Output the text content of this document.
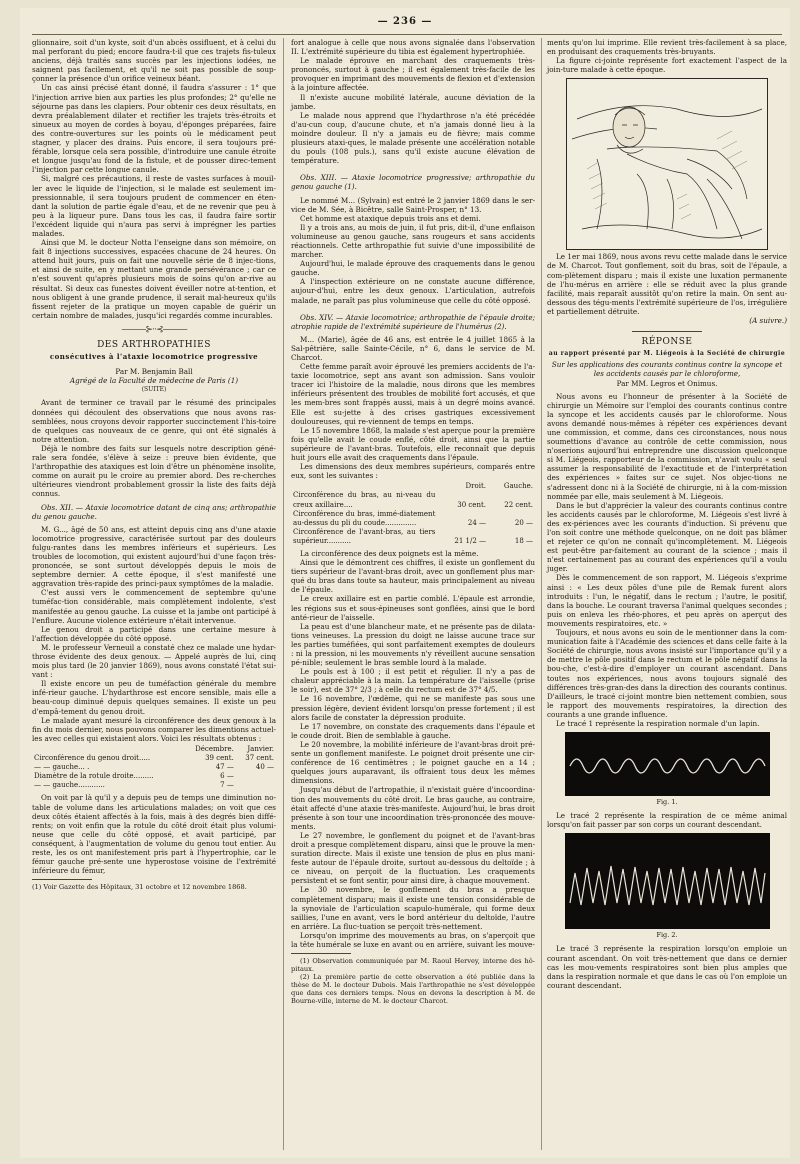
— 236 —

glionnaire, soit d'un kyste, soit d'un abcès ossifluent, et à celui du mal perforant du pied; encore faudra-t-il que ces trajets fis-tuleux anciens, déjà traités sans succès par les injections iodées, ne saignent pas facilement, et qu'il ne soit pas possible de soup-çonner la présence d'un orifice veineux béant.

Un cas ainsi précisé étant donné, il faudra s'assurer : 1° que l'injection arrive bien aux parties les plus profondes; 2° qu'elle ne séjourne pas dans les clapiers. Pour obtenir ces deux résultats, en devra préalablement dilater et rectifier les trajets très-étroits et sinueux au moyen de cordes à boyau, d'éponges préparées, faire des contre-ouvertures sur les points où le médicament peut stagner, y placer des drains. Puis encore, il sera toujours pré-férable, lorsque cela sera possible, d'introduire une canule étroite et longue jusqu'au fond de la fistule, et de pousser direc-tement l'injection par cette longue canule.

Si, malgré ces précautions, il reste de vastes surfaces à mouil-ler avec le liquide de l'injection, si le malade est seulement im-pressionnable, il sera toujours prudent de commencer en éten-dant la solution de partie égale d'eau, et de ne revenir que peu à peu à la liqueur pure. Dans tous les cas, il faudra faire sortir l'excédent liquide qui n'aura pas servi à imprégner les parties malades.

Ainsi que M. le docteur Notta l'enseigne dans son mémoire, on fait 8 injections successives, espacées chacune de 24 heures. On attend huit jours, puis on fait une nouvelle série de 8 injec-tions, et ainsi de suite, en y mettant une grande persévérance ; car ce n'est souvent qu'après plusieurs mois de soins qu'on ar-rive au résultat. Si deux cas funestes doivent éveiller notre at-tention, et nous obligent à une grande prudence, il serait mal-heureux qu'ils fissent rejeter de la pratique un moyen capable de guérir un certain nombre de malades, jusqu'ici regardés comme incurables.

———⊱⋅⋅⊰———
DES ARTHROPATHIES
consécutives à l'ataxie locomotrice progressive

Par M. Benjamin Ball

Agrégé de la Faculté de médecine de Paris (1)

(SUITE)

Avant de terminer ce travail par le résumé des principales données qui découlent des observations que nous avons ras-semblées, nous croyons devoir rapporter succinctement l'his-toire de quelques cas nouveaux de ce genre, qui ont été signalés à notre attention.

Déjà le nombre des faits sur lesquels notre description géné-rale sera fondée, s'élève à seize : preuve bien évidente, que l'arthropathie des ataxiques est loin d'être un phénomène insolite, comme on aurait pu le croire au premier abord. Des re-cherches ultérieures viendront probablement grossir la liste des faits déjà connus.

Obs. XII. — Ataxie locomotrice datant de cinq ans; arthropathie du genou gauche.

M. G..., âgé de 50 ans, est atteint depuis cinq ans d'une ataxie locomotrice progressive, caractérisée surtout par des douleurs fulgu-rantes dans les membres inférieurs et supérieurs. Les troubles de locomotion, qui existent aujourd'hui d'une façon très-prononcée, se sont surtout développés depuis le mois de septembre dernier. A cette époque, il s'est manifesté une aggravation très-rapide des princi-paux symptômes de la maladie.

C'est aussi vers le commencement de septembre qu'une tuméfac-tion considérable, mais complètement indolente, s'est manifestée au genou gauche. La cuisse et la jambe ont participé à l'enflure. Aucune violence extérieure n'était intervenue.

Le genou droit a participé dans une certaine mesure à l'affection développée du côté opposé.

M. le professeur Verneuil a constaté chez ce malade une hydar-throse évidente des deux genoux. — Appelé auprès de lui, cinq mois plus tard (le 20 janvier 1869), nous avons constaté l'état sui-vant :

Il existe encore un peu de tuméfaction générale du membre infé-rieur gauche. L'hydarthrose est encore sensible, mais elle a beau-coup diminué depuis quelques semaines. Il existe un peu d'empâ-tement du genou droit.

Le malade ayant mesuré la circonférence des deux genoux à la fin du mois dernier, nous pouvons comparer les dimentions actuel-les avec celles qui existaient alors. Voici les résultats obtenus :

	Décembre.	Janvier.
Circonférence du genou droit.....	39 cent.	37 cent.
— — gauche... .	47 —	40 —
Diamètre de la rotule droite.........	6 —	
— — gauche............	7 —	

On voit par là qu'il y a depuis peu de temps une diminution no-table de volume dans les articulations malades; on voit que ces deux côtés étaient affectés à la fois, mais à des degrés bien diffé-rents; on voit enfin que la rotule du côté droit était plus volumi-neuse que celle du côté opposé, et avait participé, par conséquent, à l'augmentation de volume du genou tout entier. Au reste, les os ont manifestement pris part à l'hypertrophie, car le fémur gauche pré-sente une hyperostose voisine de l'extrémité inférieure du fémur,

(1) Voir Gazette des Hôpitaux, 31 octobre et 12 novembre 1868.

fort analogue à celle que nous avons signalée dans l'observation II. L'extrémité supérieure du tibia est également hypertrophiée.

Le malade éprouve en marchant des craquements très-prononcés, surtout à gauche ; il est également très-facile de les provoquer en imprimant des mouvements de flexion et d'extension à la jointure affectée.

Il n'existe aucune mobilité latérale, aucune déviation de la jambe.

Le malade nous apprend que l'hydarthrose n'a été précédée d'au-cun coup, d'aucune chute, et n'a jamais donné lieu à la moindre douleur. Il n'y a jamais eu de fièvre; mais comme plusieurs ataxi-ques, le malade présente une accélération notable du pouls (108 puls.), sans qu'il existe aucune élévation de température.

Obs. XIII. — Ataxie locomotrice progressive; arthropathie du genou gauche (1).

Le nommé M... (Sylvain) est entré le 2 janvier 1869 dans le ser-vice de M. Sée, à Bicêtre, salle Saint-Prosper, n° 13.

Cet homme est ataxique depuis trois ans et demi.

Il y a trois ans, au mois de juin, il fut pris, dit-il, d'une enflaison volumineuse au genou gauche, sans rougeurs et sans accidents réactionnels. Cette arthropathie fut suivie d'une impossibilité de marcher.

Aujourd'hui, le malade éprouve des craquements dans le genou gauche.

A l'inspection extérieure on ne constate aucune différence, aujour-d'hui, entre les deux genoux. L'articulation, autrefois malade, ne paraît pas plus volumineuse que celle du côté opposé.

Obs. XIV. — Ataxie locomotrice; arthropathie de l'épaule droite; atrophie rapide de l'extrémité supérieure de l'humérus (2).

M... (Marie), âgée de 46 ans, est entrée le 4 juillet 1865 à la Sal-pêtrière, salle Sainte-Cécile, n° 6, dans le service de M. Charcot.

Cette femme paraît avoir éprouvé les premiers accidents de l'a-taxie locomotrice, sept ans avant son admission. Sans vouloir tracer ici l'histoire de la maladie, nous dirons que les membres inférieurs présentent des troubles de mobilité fort accusés, et que les mem-bres sont frappés aussi, mais à un degré moins avancé. Elle est su-jette à des crises gastriques excessivement douloureuses, qui re-viennent de temps en temps.

Le 15 novembre 1868, la malade s'est aperçue pour la première fois qu'elle avait le coude enflé, côté droit, ainsi que la partie supérieure de l'avant-bras. Toutefois, elle reconnaît que depuis huit jours elle avait des craquements dans l'épaule.

Les dimensions des deux membres supérieurs, comparés entre eux, sont les suivantes :

	Droit.	Gauche.
Circonférence du bras, au ni-veau du creux axillaire....	30 cent.	22 cent.
Circonférence du bras, immé-diatement au-dessus du pli du coude..............	24 —	20 —
Circonférence de l'avant-bras, au tiers supérieur...........	21 1/2 —	18 —

La circonférence des deux poignets est la même.

Ainsi que le démontrent ces chiffres, il existe un gonflement du tiers supérieur de l'avant-bras droit, avec un gonflement plus mar-qué du bras dans toute sa hauteur, mais principalement au niveau de l'épaule.

Le creux axillaire est en partie comblé. L'épaule est arrondie, les régions sus et sous-épineuses sont gonflées, ainsi que le bord anté-rieur de l'aisselle.

La peau est d'une blancheur mate, et ne présente pas de dilata-tions veineuses. La pression du doigt ne laisse aucune trace sur les parties tuméfiées, qui sont parfaitement exemptes de douleurs : ni la pression, ni les mouvements n'y réveillent aucune sensation pé-nible; seulement le bras semble lourd à la malade.

Le pouls est à 100 ; il est petit et régulier. Il n'y a pas de chaleur appréciable à la main. La température de l'aisselle (prise le soir), est de 37° 2/3 ; à celle du rectum est de 37° 4/5.

Le 16 novembre, l'œdème, qui ne se manifeste pas sous une pression légère, devient évident lorsqu'on presse fortement ; il est alors facile de constater la dépression produite.

Le 17 novembre, on constate des craquements dans l'épaule et le coude droit. Bien de semblable à gauche.

Le 20 novembre, la mobilité inférieure de l'avant-bras droit pré-sente un gonflement manifeste. Le poignet droit présente une cir-conférence de 16 centimètres ; le poignet gauche en a 14 ; quelques jours auparavant, ils offraient tous deux les mêmes dimensions.

Jusqu'au début de l'artropathie, il n'existait guère d'incoordina-tion des mouvements du côté droit. Le bras gauche, au contraire, était affecté d'une ataxie très-manifeste. Aujourd'hui, le bras droit présente à son tour une incoordination très-prononcée des mouve-ments.

Le 27 novembre, le gonflement du poignet et de l'avant-bras droit a presque complètement disparu, ainsi que le prouve la men-suration directe. Mais il existe une tension de plus en plus mani-feste autour de l'épaule droite, surtout au-dessous du deltoïde ; à ce niveau, on perçoit de la fluctuation. Les craquements persistent et se font sentir, pour ainsi dire, à chaque mouvement.

Le 30 novembre, le gonflement du bras a presque complètement disparu; mais il existe une tension considérable de la synoviale de l'articulation scapulo-humérale, qui forme deux saillies, l'une en avant, vers le bord antérieur du deltoïde, l'autre en arrière. La fluc-tuation se perçoit très-nettement.

Lorsqu'on imprime des mouvements au bras, on s'aperçoit que la tête humérale se luxe en avant ou en arrière, suivant les mouve-

(1) Observation communiquée par M. Raoul Hervey, interne des hô-pitaux.

(2) La première partie de cette observation a été publiée dans la thèse de M. le docteur Dubois. Mais l'arthropathie ne s'est développée que dans ces derniers temps. Nous en devons la description à M. de Bourne-ville, interne de M. le docteur Charcot.

ments qu'on lui imprime. Elle revient très-facilement à sa place, en produisant des craquements très-bruyants.

La figure ci-jointe représente fort exactement l'aspect de la join-ture malade à cette époque.

Le 1er mai 1869, nous avons revu cette malade dans le service de M. Charcot. Tout gonflement, soit du bras, soit de l'épaule, a com-plètement disparu ; mais il existe une luxation permanente de l'hu-mérus en arrière : elle se réduit avec la plus grande facilité, mais reparaît aussitôt qu'on retire la main. On sent au-dessous des tégu-ments l'extrémité supérieure de l'os, irrégulière et partiellement détruite.

(A suivre.)

RÉPONSE
au rapport présenté par M. Liégeois à la Société de chirurgie

Sur les applications des courants continus contre la syncope et les accidents causés par le chloroforme,

Par MM. Legros et Onimus.

Nous avons eu l'honneur de présenter à la Société de chirurgie un Mémoire sur l'emploi des courants continus contre la syncope et les accidents causés par le chloroforme. Nous avons demandé nous-mêmes à répéter ces expériences devant une commission, et comme, dans ces circonstances, nous nous soumettions d'avance au contrôle de cette commission, nous n'oserions aujourd'hui entreprendre une discussion quelconque si M. Liégeois, rapporteur de la commission, n'avait voulu « seul assumer la responsabilité de l'exactitude et de l'interprétation des expériences » faites sur ce sujet. Nos objec-tions ne s'adressent donc ni à la Société de chirurgie, ni à la com-mission nommée par elle, mais seulement à M. Liégeois.

Dans le but d'apprécier la valeur des courants continus contre les accidents causés par le chloroforme, M. Liégeois s'est livré à des ex-périences avec les courants d'induction. Si prévenu que l'on soit contre une méthode quelconque, on ne doit pas blâmer et rejeter ce qu'on ne connaît qu'incomplètement. M. Liégeois est peut-être par-faitement au courant de la science ; mais il n'est certainement pas au courant des expériences qu'il a voulu juger.

Dès le commencement de son rapport, M. Liégeois s'exprime ainsi : « Les deux pôles d'une pile de Remak furent alors introduits : l'un, le négatif, dans le rectum ; l'autre, le positif, dans la bouche. Le courant traversa l'animal quelques secondes ; puis on enleva les rhéo-phores, et peu après on aperçut des mouvements respiratoires, etc. »

Toujours, et nous avons eu soin de le mentionner dans la com-munication faite à l'Académie des sciences et dans celle faite à la Société de chirurgie, nous avons insisté sur l'importance qu'il y a de mettre le pôle positif dans le rectum et le pôle négatif dans la bou-che, c'est-à-dire d'employer un courant ascendant. Dans toutes nos expériences, nous avons toujours signalé des différences très-gran-des dans la direction des courants continus. D'ailleurs, le tracé ci-joint montre bien nettement combien, sous le rapport des mouvements respiratoires, la direction des courants a une grande influence.

Le tracé 1 représente la respiration normale d'un lapin.

Fig. 1.

Le tracé 2 représente la respiration de ce même animal lorsqu'on fait passer par son corps un courant descendant.

Fig. 2.

Le tracé 3 représente la respiration lorsqu'on emploie un courant ascendant. On voit très-nettement que dans ce dernier cas les mou-vements respiratoires sont bien plus amples que dans la respiration normale et que dans le cas où l'on emploie un courant descendant.
